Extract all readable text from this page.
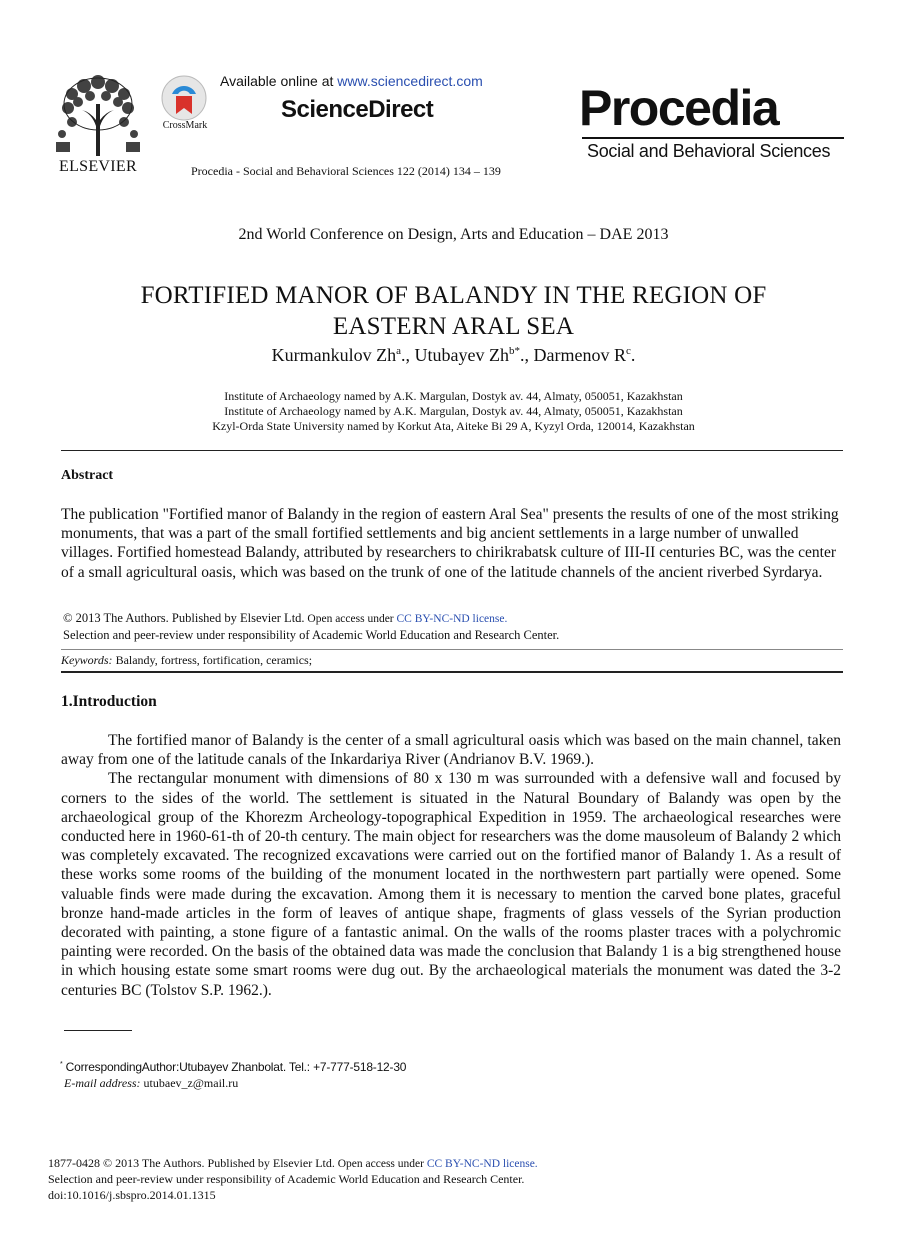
ELSEVIER
CrossMark
Available online at www.sciencedirect.com
ScienceDirect
Procedia - Social and Behavioral Sciences 122 (2014) 134 – 139
Procedia
Social and Behavioral Sciences
2nd World Conference on Design, Arts and Education – DAE 2013
FORTIFIED MANOR OF BALANDY IN THE REGION OF
EASTERN ARAL SEA
Kurmankulov Zh$^a$., Utubayev $Zh^{b*}$., Darmenov $R^c$.
Institute of Archaeology named by A.K. Margulan, Dostyk av. 44, Almaty, 050051, Kazakhstan
Institute of Archaeology named by A.K. Margulan, Dostyk av. 44, Almaty, 050051, Kazakhstan
Kzyl-Orda State University named by Korkut Ata, Aiteke Bi 29 A, Kyzyl Orda, 120014, Kazakhstan
Abstract
The publication "Fortified manor of Balandy in the region of eastern Aral Sea" presents the results of one of the most striking monuments, that was a part of the small fortified settlements and big ancient settlements in a large number of unwalled villages. Fortified homestead Balandy, attributed by researchers to chirikrabatsk culture of III-II centuries BC, was the center of a small agricultural oasis, which was based on the trunk of one of the latitude channels of the ancient riverbed Syrdarya.
© 2013 The Authors. Published by Elsevier Ltd. Open access under CC BY-NC-ND license.
Selection and peer-review under responsibility of Academic World Education and Research Center.
Keywords: Balandy, fortress, fortification, ceramics;
1.Introduction

The fortified manor of Balandy is the center of a small agricultural oasis which was based on the main channel, taken away from one of the latitude canals of the Inkardariya River (Andrianov B.V. 1969.).

The rectangular monument with dimensions of 80 x 130 m was surrounded with a defensive wall and focused by corners to the sides of the world. The settlement is situated in the Natural Boundary of Balandy was open by the archaeological group of the Khorezm Archeology-topographical Expedition in 1959. The archaeological researches were conducted here in 1960-61-th of 20-th century. The main object for researchers was the dome mausoleum of Balandy 2 which was completely excavated. The recognized excavations were carried out on the fortified manor of Balandy 1. As a result of these works some rooms of the building of the monument located in the northwestern part partially were opened. Some valuable finds were made during the excavation. Among them it is necessary to mention the carved bone plates, graceful bronze hand-made articles in the form of leaves of antique shape, fragments of glass vessels of the Syrian production decorated with painting, a stone figure of a fantastic animal. On the walls of the rooms plaster traces with a polychromic painting were recorded. On the basis of the obtained data was made the conclusion that Balandy 1 is a big strengthened house in which housing estate some smart rooms were dug out. By the archaeological materials the monument was dated the 3-2 centuries BC (Tolstov S.P. 1962.).

* CorrespondingAuthor:Utubayev Zhanbolat. Tel.: +7-777-518-12-30
E-mail address: utubaev_z@mail.ru
1877-0428 © 2013 The Authors. Published by Elsevier Ltd. Open access under CC BY-NC-ND license.
Selection and peer-review under responsibility of Academic World Education and Research Center.
doi:10.1016/j.sbspro.2014.01.1315
